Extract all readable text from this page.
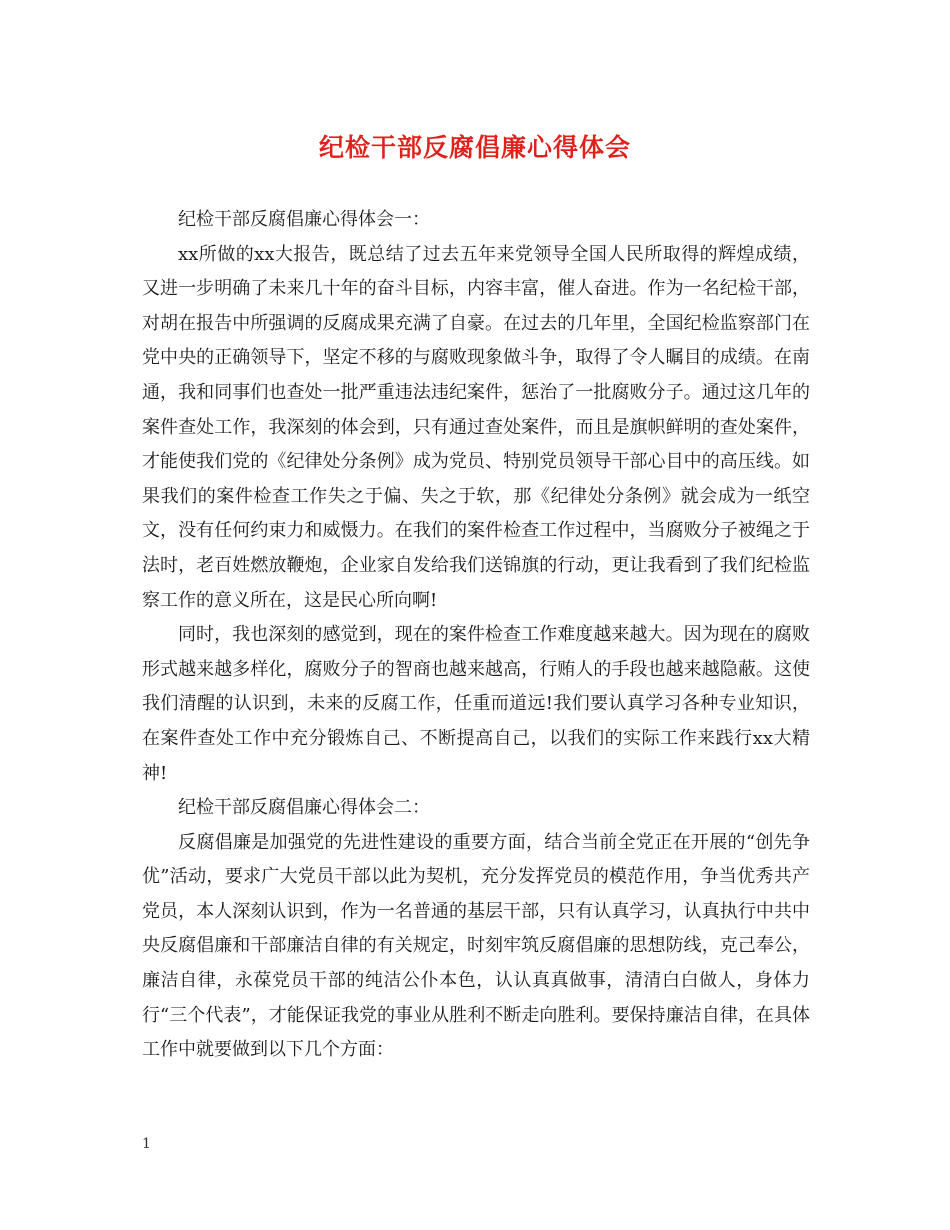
纪检干部反腐倡廉心得体会

纪检干部反腐倡廉心得体会一：

xx所做的xx大报告，既总结了过去五年来党领导全国人民所取得的辉煌成绩，又进一步明确了未来几十年的奋斗目标，内容丰富，催人奋进。作为一名纪检干部，对胡在报告中所强调的反腐成果充满了自豪。在过去的几年里，全国纪检监察部门在党中央的正确领导下，坚定不移的与腐败现象做斗争，取得了令人瞩目的成绩。在南通，我和同事们也查处一批严重违法违纪案件，惩治了一批腐败分子。通过这几年的案件查处工作，我深刻的体会到，只有通过查处案件，而且是旗帜鲜明的查处案件，才能使我们党的《纪律处分条例》成为党员、特别党员领导干部心目中的高压线。如果我们的案件检查工作失之于偏、失之于软，那《纪律处分条例》就会成为一纸空文，没有任何约束力和威慑力。在我们的案件检查工作过程中，当腐败分子被绳之于法时，老百姓燃放鞭炮，企业家自发给我们送锦旗的行动，更让我看到了我们纪检监察工作的意义所在，这是民心所向啊!

同时，我也深刻的感觉到，现在的案件检查工作难度越来越大。因为现在的腐败形式越来越多样化，腐败分子的智商也越来越高，行贿人的手段也越来越隐蔽。这使我们清醒的认识到，未来的反腐工作，任重而道远!我们要认真学习各种专业知识，在案件查处工作中充分锻炼自己、不断提高自己，以我们的实际工作来践行xx大精神!

纪检干部反腐倡廉心得体会二：

反腐倡廉是加强党的先进性建设的重要方面，结合当前全党正在开展的“创先争优”活动，要求广大党员干部以此为契机，充分发挥党员的模范作用，争当优秀共产党员，本人深刻认识到，作为一名普通的基层干部，只有认真学习，认真执行中共中央反腐倡廉和干部廉洁自律的有关规定，时刻牢筑反腐倡廉的思想防线，克己奉公，廉洁自律，永葆党员干部的纯洁公仆本色，认认真真做事，清清白白做人，身体力行“三个代表”，才能保证我党的事业从胜利不断走向胜利。要保持廉洁自律，在具体工作中就要做到以下几个方面：

1
